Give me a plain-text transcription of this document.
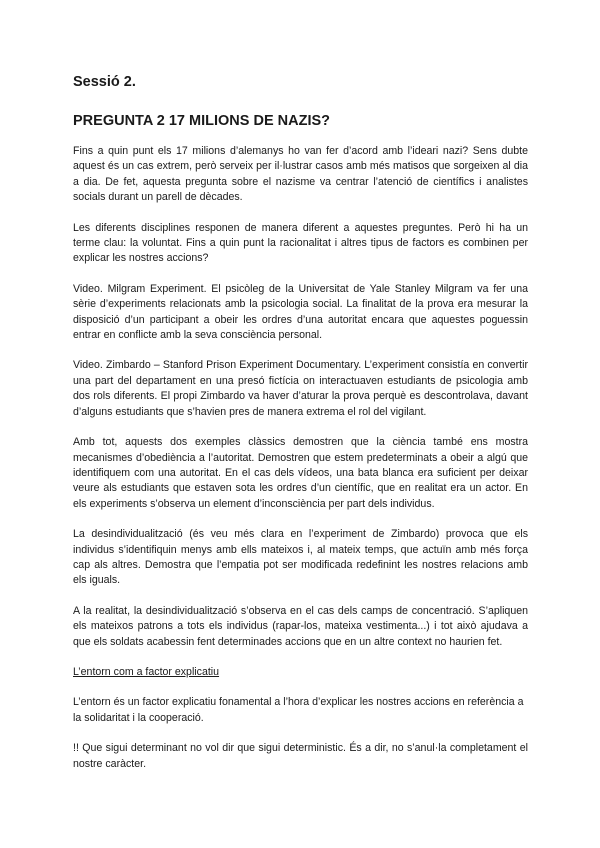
Sessió 2.
PREGUNTA 2 17 MILIONS DE NAZIS?

Fins a quin punt els 17 milions d’alemanys ho van fer d’acord amb l’ideari nazi? Sens dubte aquest és un cas extrem, però serveix per il·lustrar casos amb més matisos que sorgeixen al dia a dia. De fet, aquesta pregunta sobre el nazisme va centrar l’atenció de científics i analistes socials durant un parell de dècades.

Les diferents disciplines responen de manera diferent a aquestes preguntes. Però hi ha un terme clau: la voluntat. Fins a quin punt la racionalitat i altres tipus de factors es combinen per explicar les nostres accions?

Video. Milgram Experiment. El psicòleg de la Universitat de Yale Stanley Milgram va fer una sèrie d’experiments relacionats amb la psicologia social. La finalitat de la prova era mesurar la disposició d’un participant a obeir les ordres d’una autoritat encara que aquestes poguessin entrar en conflicte amb la seva consciència personal.

Video. Zimbardo – Stanford Prison Experiment Documentary. L’experiment consistía en convertir una part del departament en una presó fictícia on interactuaven estudiants de psicologia amb dos rols diferents. El propi Zimbardo va haver d’aturar la prova perquè es descontrolava, davant d’alguns estudiants que s’havien pres de manera extrema el rol del vigilant.

Amb tot, aquests dos exemples clàssics demostren que la ciència també ens mostra mecanismes d’obediència a l’autoritat. Demostren que estem predeterminats a obeir a algú que identifiquem com una autoritat. En el cas dels vídeos, una bata blanca era suficient per deixar veure als estudiants que estaven sota les ordres d’un científic, que en realitat era un actor. En els experiments s’observa un element d’inconsciència per part dels individus.

La desindividualització (és veu més clara en l’experiment de Zimbardo) provoca que els individus s’identifiquin menys amb ells mateixos i, al mateix temps, que actuïn amb més força cap als altres. Demostra que l’empatia pot ser modificada redefinint les nostres relacions amb els iguals.

A la realitat, la desindividualització s’observa en el cas dels camps de concentració. S’apliquen els mateixos patrons a tots els individus (rapar-los, mateixa vestimenta...) i tot això ajudava a que els soldats acabessin fent determinades accions que en un altre context no haurien fet.

L’entorn com a factor explicatiu

L’entorn és un factor explicatiu fonamental a l’hora d’explicar les nostres accions en referència a la solidaritat i la cooperació.

!! Que sigui determinant no vol dir que sigui deterministic. És a dir, no s’anul·la completament el nostre caràcter.
